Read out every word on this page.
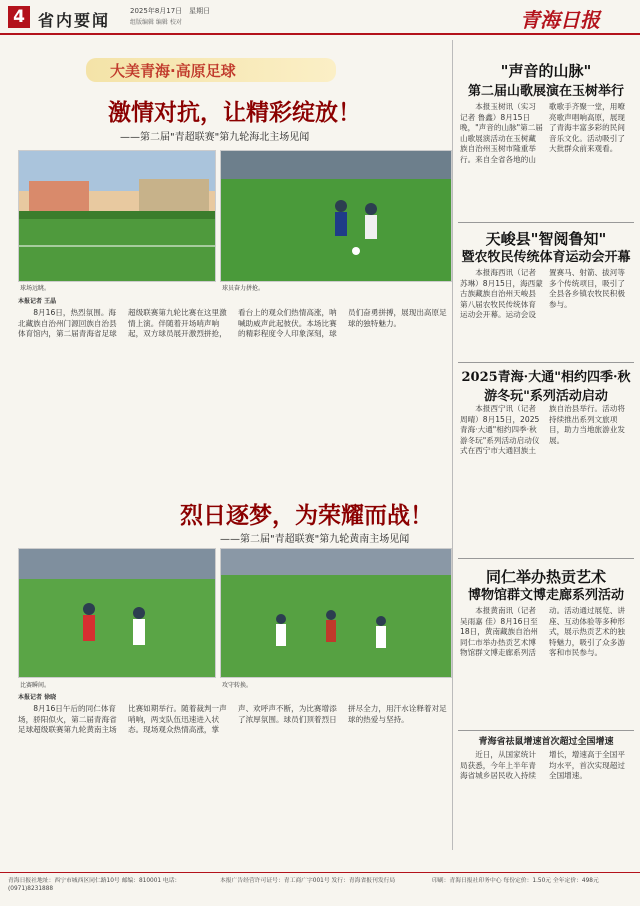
4 省内要闻	2025年8月17日　星期日
组版编辑 编辑 校对	青海日报
大美青海·高原足球
激情对抗，让精彩绽放！
——第二届"青超联赛"第九轮海北主场见闻
球场远眺。	球员奋力拼抢。
本报记者 王晶

8月16日，热烈氛围。海北藏族自治州门源回族自治县体育馆内，第二届青海省足球超级联赛第九轮比赛在这里激情上演。伴随着开场哨声响起，双方球员展开激烈拼抢，看台上的观众们热情高涨，呐喊助威声此起彼伏。本场比赛的精彩程度令人印象深刻，球员们奋勇拼搏，展现出高原足球的独特魅力。

烈日逐梦，为荣耀而战！
——第二届"青超联赛"第九轮黄南主场见闻
比赛瞬间。	攻守转换。
本报记者 徐晓

8月16日午后的同仁体育场，骄阳似火，第二届青海省足球超级联赛第九轮黄南主场比赛如期举行。随着裁判一声哨响，两支队伍迅速进入状态。现场观众热情高涨，掌声、欢呼声不断，为比赛增添了浓厚氛围。球员们顶着烈日拼尽全力，用汗水诠释着对足球的热爱与坚持。

"声音的山脉"
第二届山歌展演在玉树举行

本报玉树讯（实习记者 鲁鑫）8月15日晚，"声音的山脉"第二届山歌展演活动在玉树藏族自治州玉树市隆重举行。来自全省各地的山歌歌手齐聚一堂，用嘹亮歌声唱响高原，展现了青海丰富多彩的民间音乐文化。活动吸引了大批群众前来观看。

天峻县"智阅鲁知"
暨农牧民传统体育运动会开幕

本报海西讯（记者 苏琳）8月15日，海西蒙古族藏族自治州天峻县第八届农牧民传统体育运动会开幕。运动会设置赛马、射箭、拔河等多个传统项目，吸引了全县各乡镇农牧民积极参与。

2025青海·大通"相约四季·秋游冬玩"系列活动启动

本报西宁讯（记者 周晴）8月15日，2025青海·大通"相约四季·秋游冬玩"系列活动启动仪式在西宁市大通回族土族自治县举行。活动将持续推出系列文旅项目，助力当地旅游业发展。

同仁举办热贡艺术
博物馆群文博走廊系列活动

本报黄南讯（记者 吴雨嘉 佳）8月16日至18日，黄南藏族自治州同仁市举办热贡艺术博物馆群文博走廊系列活动。活动通过展览、讲座、互动体验等多种形式，展示热贡艺术的独特魅力，吸引了众多游客和市民参与。

青海省祛鼠增速首次超过全国增速

近日，从国家统计局获悉，今年上半年青海省城乡居民收入持续增长，增速高于全国平均水平，首次实现超过全国增速。

青海日报社地址：西宁市城西区同仁路10号 邮编：810001 电话：(0971)8231888
本报广告经营许可证号：青工商广字001号 发行：青海省报刊发行局	印刷：青海日报社印务中心 每份定价：1.50元 全年定价：498元
